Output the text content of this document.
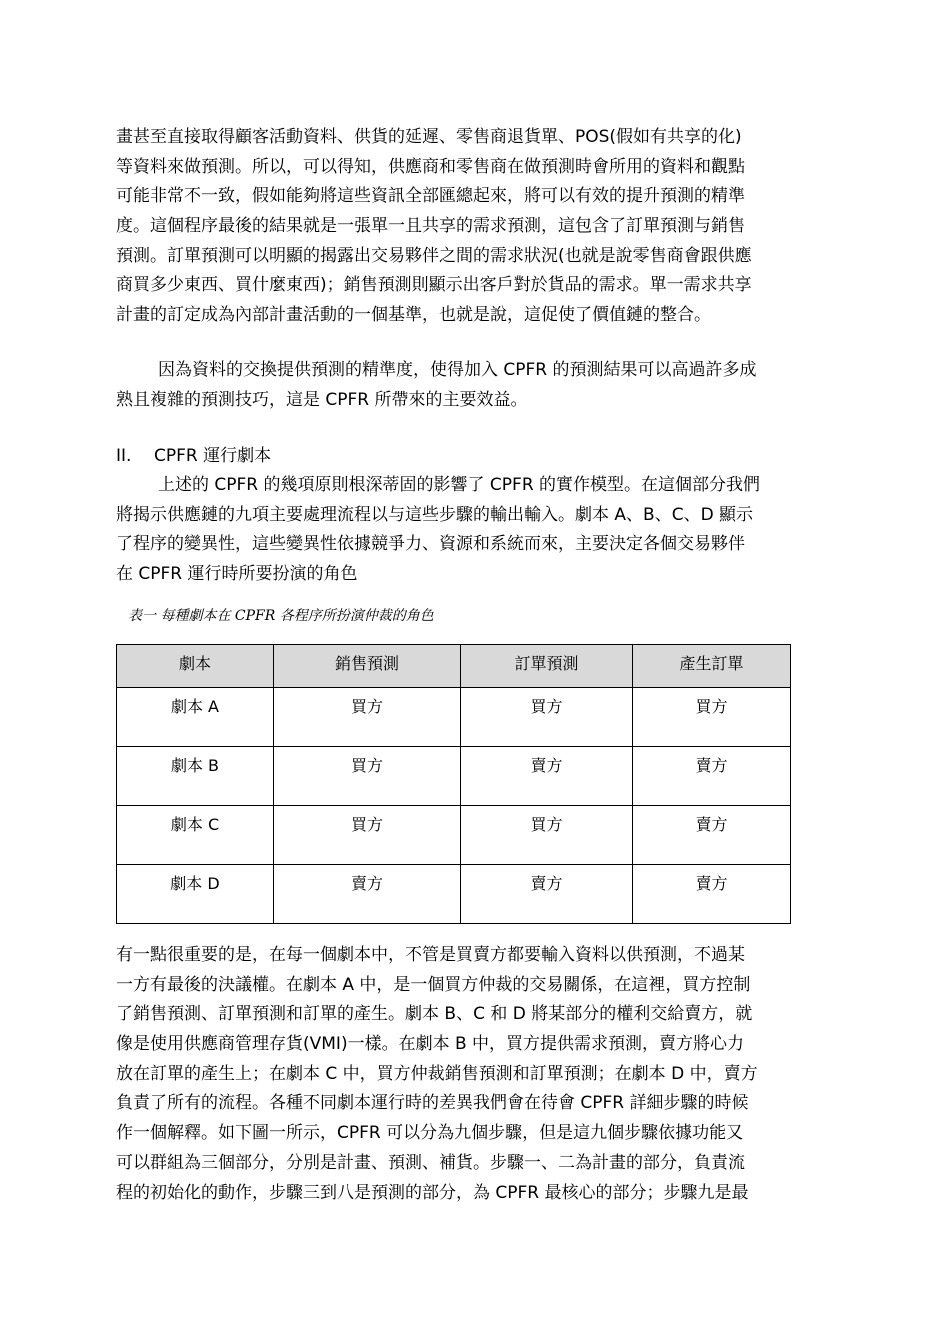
畫甚至直接取得顧客活動資料、供貨的延遲、零售商退貨單、POS(假如有共享的化)
等資料來做預測。所以，可以得知，供應商和零售商在做預測時會所用的資料和觀點
可能非常不一致，假如能夠將這些資訊全部匯總起來，將可以有效的提升預測的精準
度。這個程序最後的結果就是一張單一且共享的需求預測，這包含了訂單預測与銷售
預測。訂單預測可以明顯的揭露出交易夥伴之間的需求狀況(也就是說零售商會跟供應
商買多少東西、買什麼東西)；銷售預測則顯示出客戶對於貨品的需求。單一需求共享
計畫的訂定成為內部計畫活動的一個基準，也就是說，這促使了價值鏈的整合。
因為資料的交換提供預測的精準度，使得加入 CPFR 的預測結果可以高過許多成
熟且複雜的預測技巧，這是 CPFR 所帶來的主要效益。
II. CPFR 運行劇本
上述的 CPFR 的幾項原則根深蒂固的影響了 CPFR 的實作模型。在這個部分我們
將揭示供應鏈的九項主要處理流程以与這些步驟的輸出輸入。劇本 A、B、C、D 顯示
了程序的變異性，這些變異性依據競爭力、資源和系統而來，主要決定各個交易夥伴
在 CPFR 運行時所要扮演的角色
表一 每種劇本在 CPFR 各程序所扮演仲裁的角色
劇本	銷售預測	訂單預測	產生訂單
劇本 A	買方	買方	買方
劇本 B	買方	賣方	賣方
劇本 C	買方	買方	賣方
劇本 D	賣方	賣方	賣方
有一點很重要的是，在每一個劇本中，不管是買賣方都要輸入資料以供預測，不過某
一方有最後的決議權。在劇本 A 中，是一個買方仲裁的交易關係，在這裡，買方控制
了銷售預測、訂單預測和訂單的產生。劇本 B、C 和 D 將某部分的權利交給賣方，就
像是使用供應商管理存貨(VMI)一樣。在劇本 B 中，買方提供需求預測，賣方將心力
放在訂單的產生上；在劇本 C 中，買方仲裁銷售預測和訂單預測；在劇本 D 中，賣方
負責了所有的流程。各種不同劇本運行時的差異我們會在待會 CPFR 詳細步驟的時候
作一個解釋。如下圖一所示，CPFR 可以分為九個步驟，但是這九個步驟依據功能又
可以群組為三個部分，分別是計畫、預測、補貨。步驟一、二為計畫的部分，負責流
程的初始化的動作，步驟三到八是預測的部分，為 CPFR 最核心的部分；步驟九是最
